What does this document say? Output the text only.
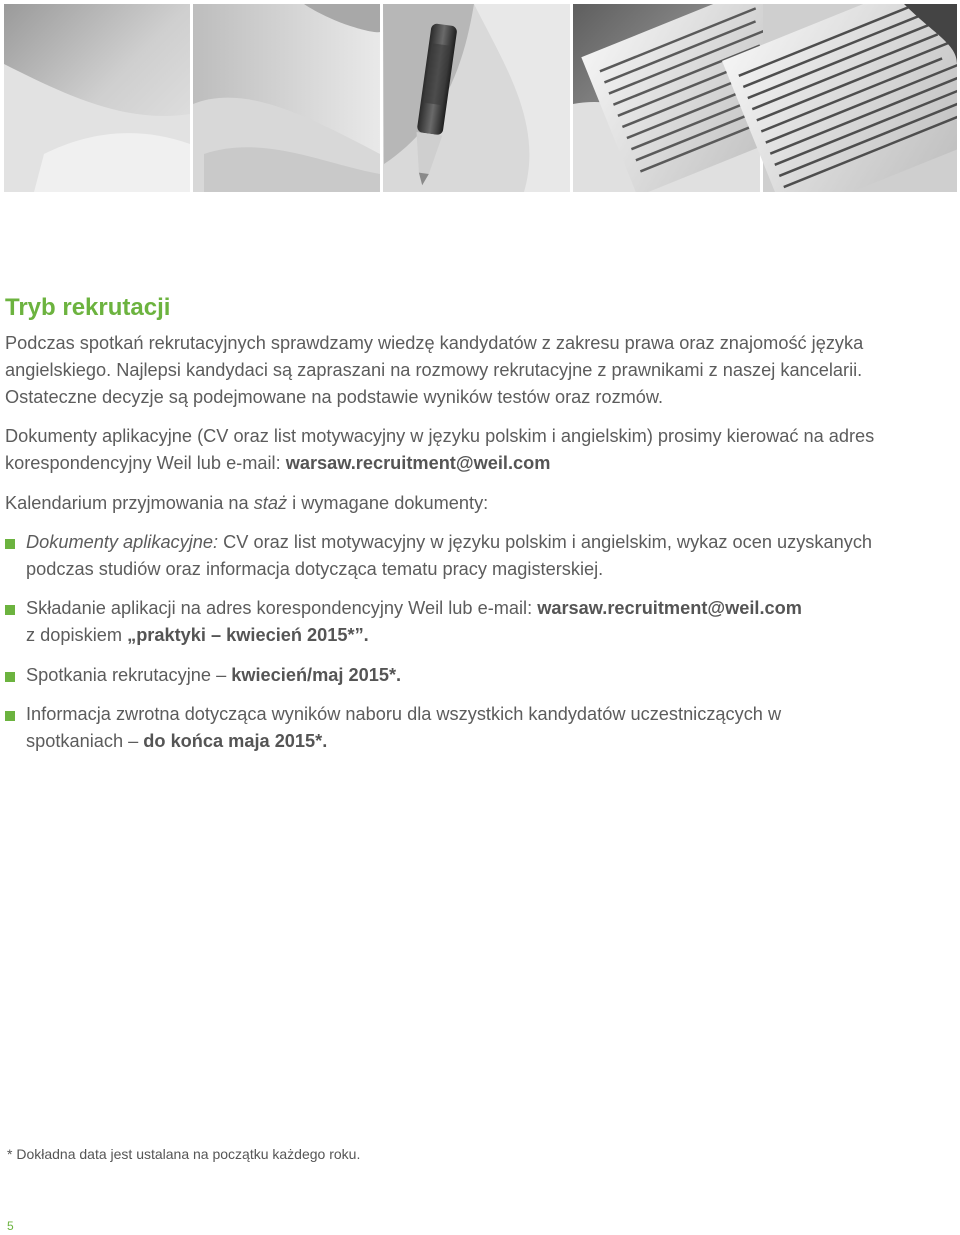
Tryb rekrutacji

Podczas spotkań rekrutacyjnych sprawdzamy wiedzę kandydatów z zakresu prawa oraz znajomość języka
angielskiego. Najlepsi kandydaci są zapraszani na rozmowy rekrutacyjne z prawnikami z naszej kancelarii.
Ostateczne decyzje są podejmowane na podstawie wyników testów oraz rozmów.

Dokumenty aplikacyjne (CV oraz list motywacyjny w języku polskim i angielskim) prosimy kierować na adres
korespondencyjny Weil lub e-mail: warsaw.recruitment@weil.com

Kalendarium przyjmowania na staż i wymagane dokumenty:

Dokumenty aplikacyjne: CV oraz list motywacyjny w języku polskim i angielskim, wykaz ocen uzyskanych
podczas studiów oraz informacja dotycząca tematu pracy magisterskiej.
Składanie aplikacji na adres korespondencyjny Weil lub e-mail: warsaw.recruitment@weil.com
z dopiskiem „praktyki – kwiecień 2015*”.
Spotkania rekrutacyjne – kwiecień/maj 2015*.
Informacja zwrotna dotycząca wyników naboru dla wszystkich kandydatów uczestniczących w
spotkaniach – do końca maja 2015*.

* Dokładna data jest ustalana na początku każdego roku.

5
